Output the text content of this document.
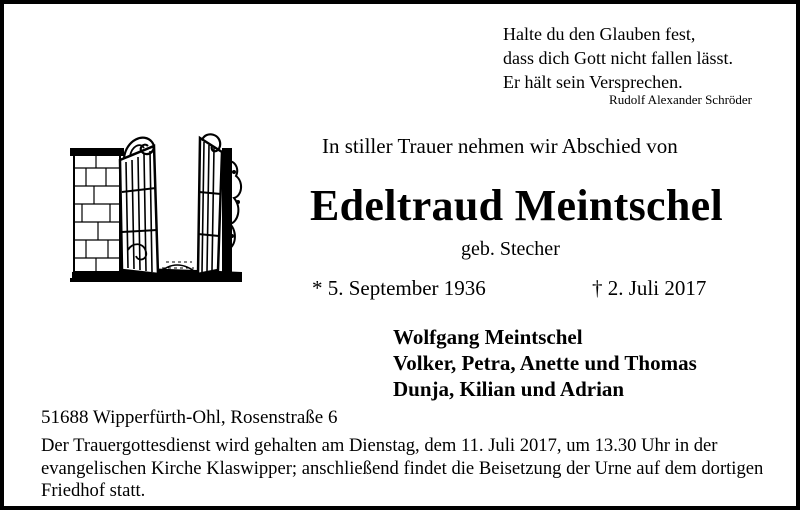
Halte du den Glauben fest,
dass dich Gott nicht fallen lässt.
Er hält sein Versprechen.
Rudolf Alexander Schröder
In stiller Trauer nehmen wir Abschied von
Edeltraud Meintschel
geb. Stecher
* 5. September 1936	† 2. Juli 2017
Wolfgang Meintschel
Volker, Petra, Anette und Thomas
Dunja, Kilian und Adrian
51688 Wipperfürth-Ohl, Rosenstraße 6
Der Trauergottesdienst wird gehalten am Dienstag, dem 11. Juli 2017, um 13.30 Uhr in der evangelischen Kirche Klaswipper; anschließend findet die Beisetzung der Urne auf dem dortigen Friedhof statt.
